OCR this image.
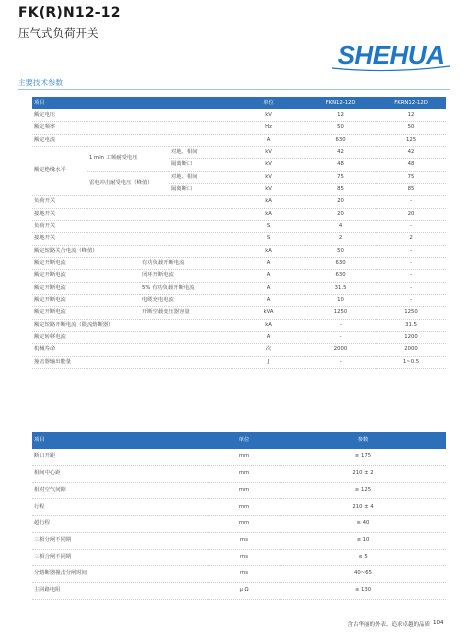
FK(R)N12-12
压气式负荷开关
SHEHUA
主要技术参数
项目				单位	FKN12-12D	FKRN12-12D
额定电压				kV	12	12
额定频率				Hz	50	50
额定电流				A	630	125
额定绝缘水平	1 min 工频耐受电压		对地、相间	kV	42	42
			隔离断口	kV	48	48
	雷电冲击耐受电压（峰值）		对地、相间	kV	75	75
			隔离断口	kV	85	85
负荷开关				kA	20	-
接地开关				kA	20	20
负荷开关				S	4	-
接地开关				S	2	2
额定短路关合电流（峰值）				kA	50	-
额定开断电流		有功负载开断电流		A	630	-
额定开断电流		闭环开断电流		A	630	-
额定开断电流		5% 有功负载开断电流		A	31.5	-
额定开断电流		电缆充电电流		A	10	-
额定开断电流		开断空载变压器容量		kVA	1250	1250
额定短路开断电流（限流熔断器）				kA	-	31.5
额定转移电流				A	-	1200
机械寿命				次	2000	2000
撞击器输出能量				J	-	1~0.5
项目	单位	参数
断口开距	mm	≥ 175
相间中心距	mm	210 ± 2
相对空气间隙	mm	≥ 125
行程	mm	210 ± 4
超行程	mm	≥ 40
三相分闸不同期	ms	≤ 10
三相合闸不同期	ms	≤ 5
分熔断器撞击分闸时间	ms	40~65
主回路电阻	μ Ω	≤ 130
含古华丽的外表、追求卓越的品质 104
